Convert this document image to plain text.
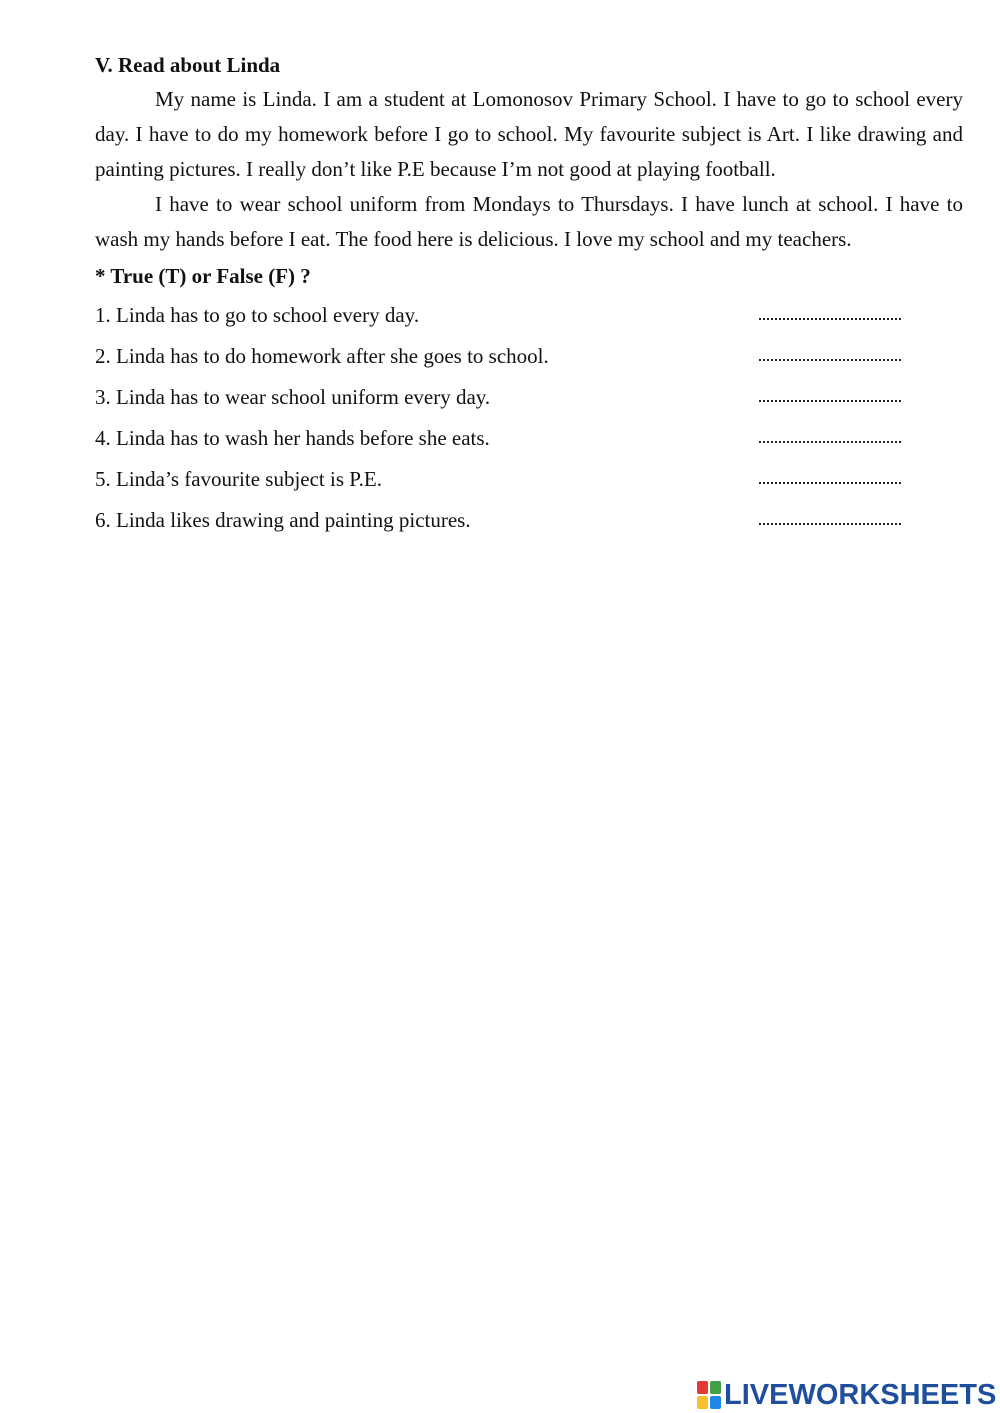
V. Read about Linda

My name is Linda. I am a student at Lomonosov Primary School. I have to go to school every day. I have to do my homework before I go to school. My favourite subject is Art. I like drawing and painting pictures. I really don’t like P.E because I’m not good at playing football.

I have to wear school uniform from Mondays to Thursdays. I have lunch at school. I have to wash my hands before I eat. The food here is delicious. I love my school and my teachers.

* True (T) or False (F) ?
1. Linda has to go to school every day.
2. Linda has to do homework after she goes to school.
3. Linda has to wear school uniform every day.
4. Linda has to wash her hands before she eats.
5. Linda’s favourite subject is P.E.
6. Linda likes drawing and painting pictures.
LIVEWORKSHEETS
